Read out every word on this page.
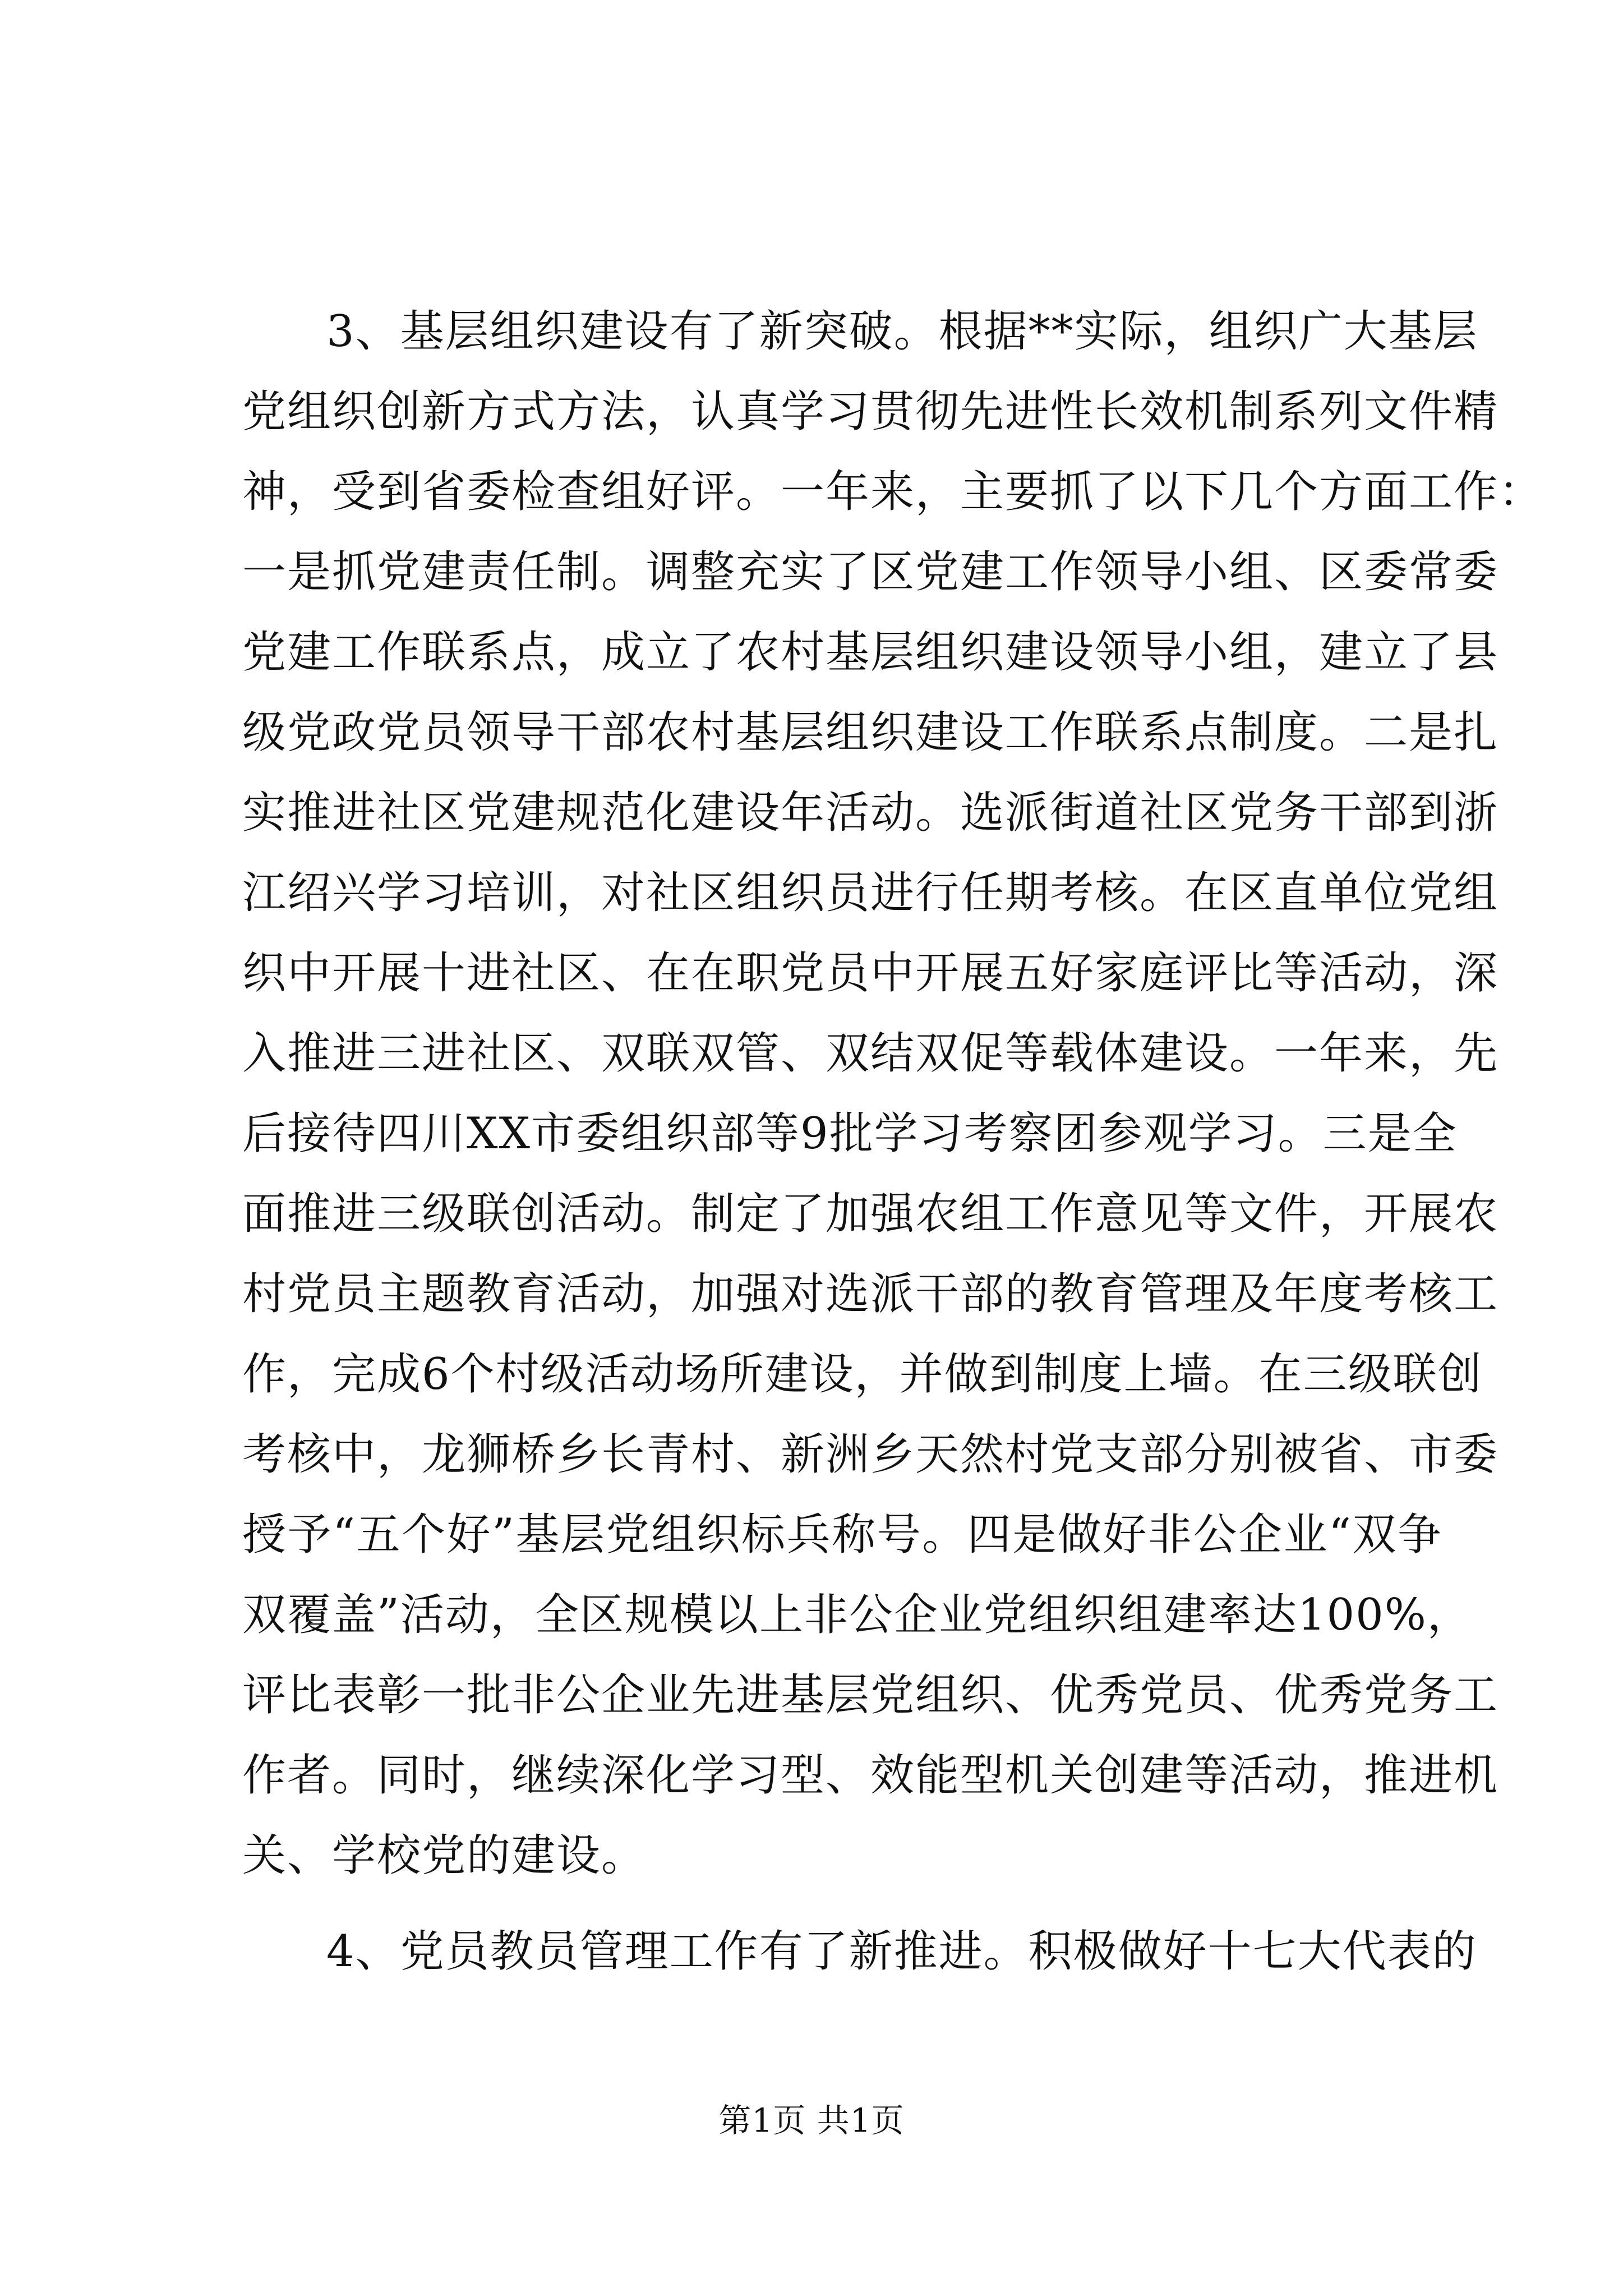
3、基层组织建设有了新突破。根据**实际，组织广大基层
党组织创新方式方法，认真学习贯彻先进性长效机制系列文件精
神，受到省委检查组好评。一年来，主要抓了以下几个方面工作：
一是抓党建责任制。调整充实了区党建工作领导小组、区委常委
党建工作联系点，成立了农村基层组织建设领导小组，建立了县
级党政党员领导干部农村基层组织建设工作联系点制度。二是扎
实推进社区党建规范化建设年活动。选派街道社区党务干部到浙
江绍兴学习培训，对社区组织员进行任期考核。在区直单位党组
织中开展十进社区、在在职党员中开展五好家庭评比等活动，深
入推进三进社区、双联双管、双结双促等载体建设。一年来，先
后接待四川XX市委组织部等9批学习考察团参观学习。三是全
面推进三级联创活动。制定了加强农组工作意见等文件，开展农
村党员主题教育活动，加强对选派干部的教育管理及年度考核工
作，完成6个村级活动场所建设，并做到制度上墙。在三级联创
考核中，龙狮桥乡长青村、新洲乡天然村党支部分别被省、市委
授予“五个好”基层党组织标兵称号。四是做好非公企业“双争
双覆盖”活动，全区规模以上非公企业党组织组建率达100%，
评比表彰一批非公企业先进基层党组织、优秀党员、优秀党务工
作者。同时，继续深化学习型、效能型机关创建等活动，推进机
关、学校党的建设。
4、党员教员管理工作有了新推进。积极做好十七大代表的
第1页 共1页
